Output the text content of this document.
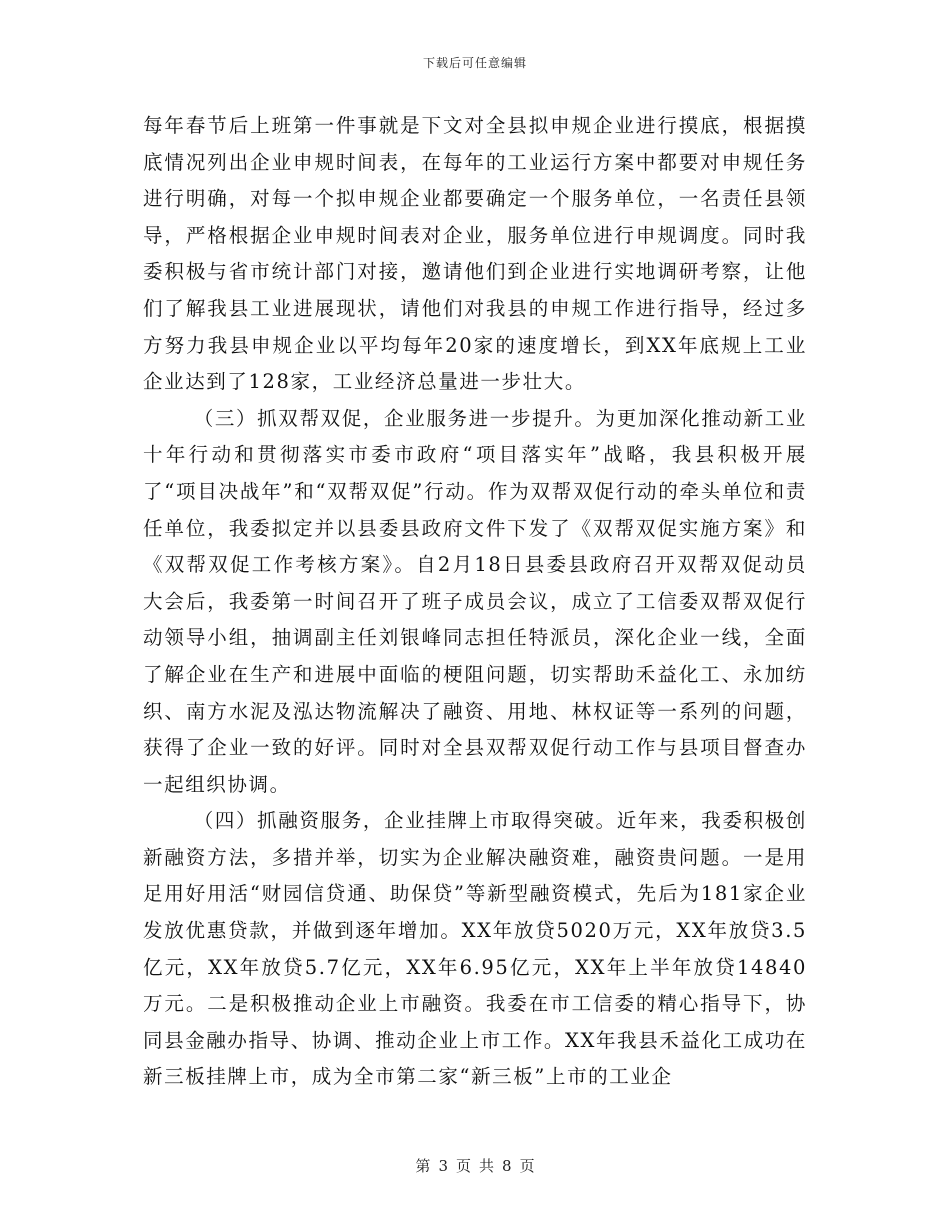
下载后可任意编辑

每年春节后上班第一件事就是下文对全县拟申规企业进行摸底，根据摸底情况列出企业申规时间表，在每年的工业运行方案中都要对申规任务进行明确，对每一个拟申规企业都要确定一个服务单位，一名责任县领导，严格根据企业申规时间表对企业，服务单位进行申规调度。同时我委积极与省市统计部门对接，邀请他们到企业进行实地调研考察，让他们了解我县工业进展现状，请他们对我县的申规工作进行指导，经过多方努力我县申规企业以平均每年20家的速度增长，到XX年底规上工业企业达到了128家，工业经济总量进一步壮大。

（三）抓双帮双促，企业服务进一步提升。为更加深化推动新工业十年行动和贯彻落实市委市政府“项目落实年”战略，我县积极开展了“项目决战年”和“双帮双促”行动。作为双帮双促行动的牵头单位和责任单位，我委拟定并以县委县政府文件下发了《双帮双促实施方案》和《双帮双促工作考核方案》。自2月18日县委县政府召开双帮双促动员大会后，我委第一时间召开了班子成员会议，成立了工信委双帮双促行动领导小组，抽调副主任刘银峰同志担任特派员，深化企业一线，全面了解企业在生产和进展中面临的梗阻问题，切实帮助禾益化工、永加纺织、南方水泥及泓达物流解决了融资、用地、林权证等一系列的问题，获得了企业一致的好评。同时对全县双帮双促行动工作与县项目督查办一起组织协调。

（四）抓融资服务，企业挂牌上市取得突破。近年来，我委积极创新融资方法，多措并举，切实为企业解决融资难，融资贵问题。一是用足用好用活“财园信贷通、助保贷”等新型融资模式，先后为181家企业发放优惠贷款，并做到逐年增加。XX年放贷5020万元，XX年放贷3.5亿元，XX年放贷5.7亿元，XX年6.95亿元，XX年上半年放贷14840万元。二是积极推动企业上市融资。我委在市工信委的精心指导下，协同县金融办指导、协调、推动企业上市工作。XX年我县禾益化工成功在新三板挂牌上市，成为全市第二家“新三板”上市的工业企

第 3 页 共 8 页
